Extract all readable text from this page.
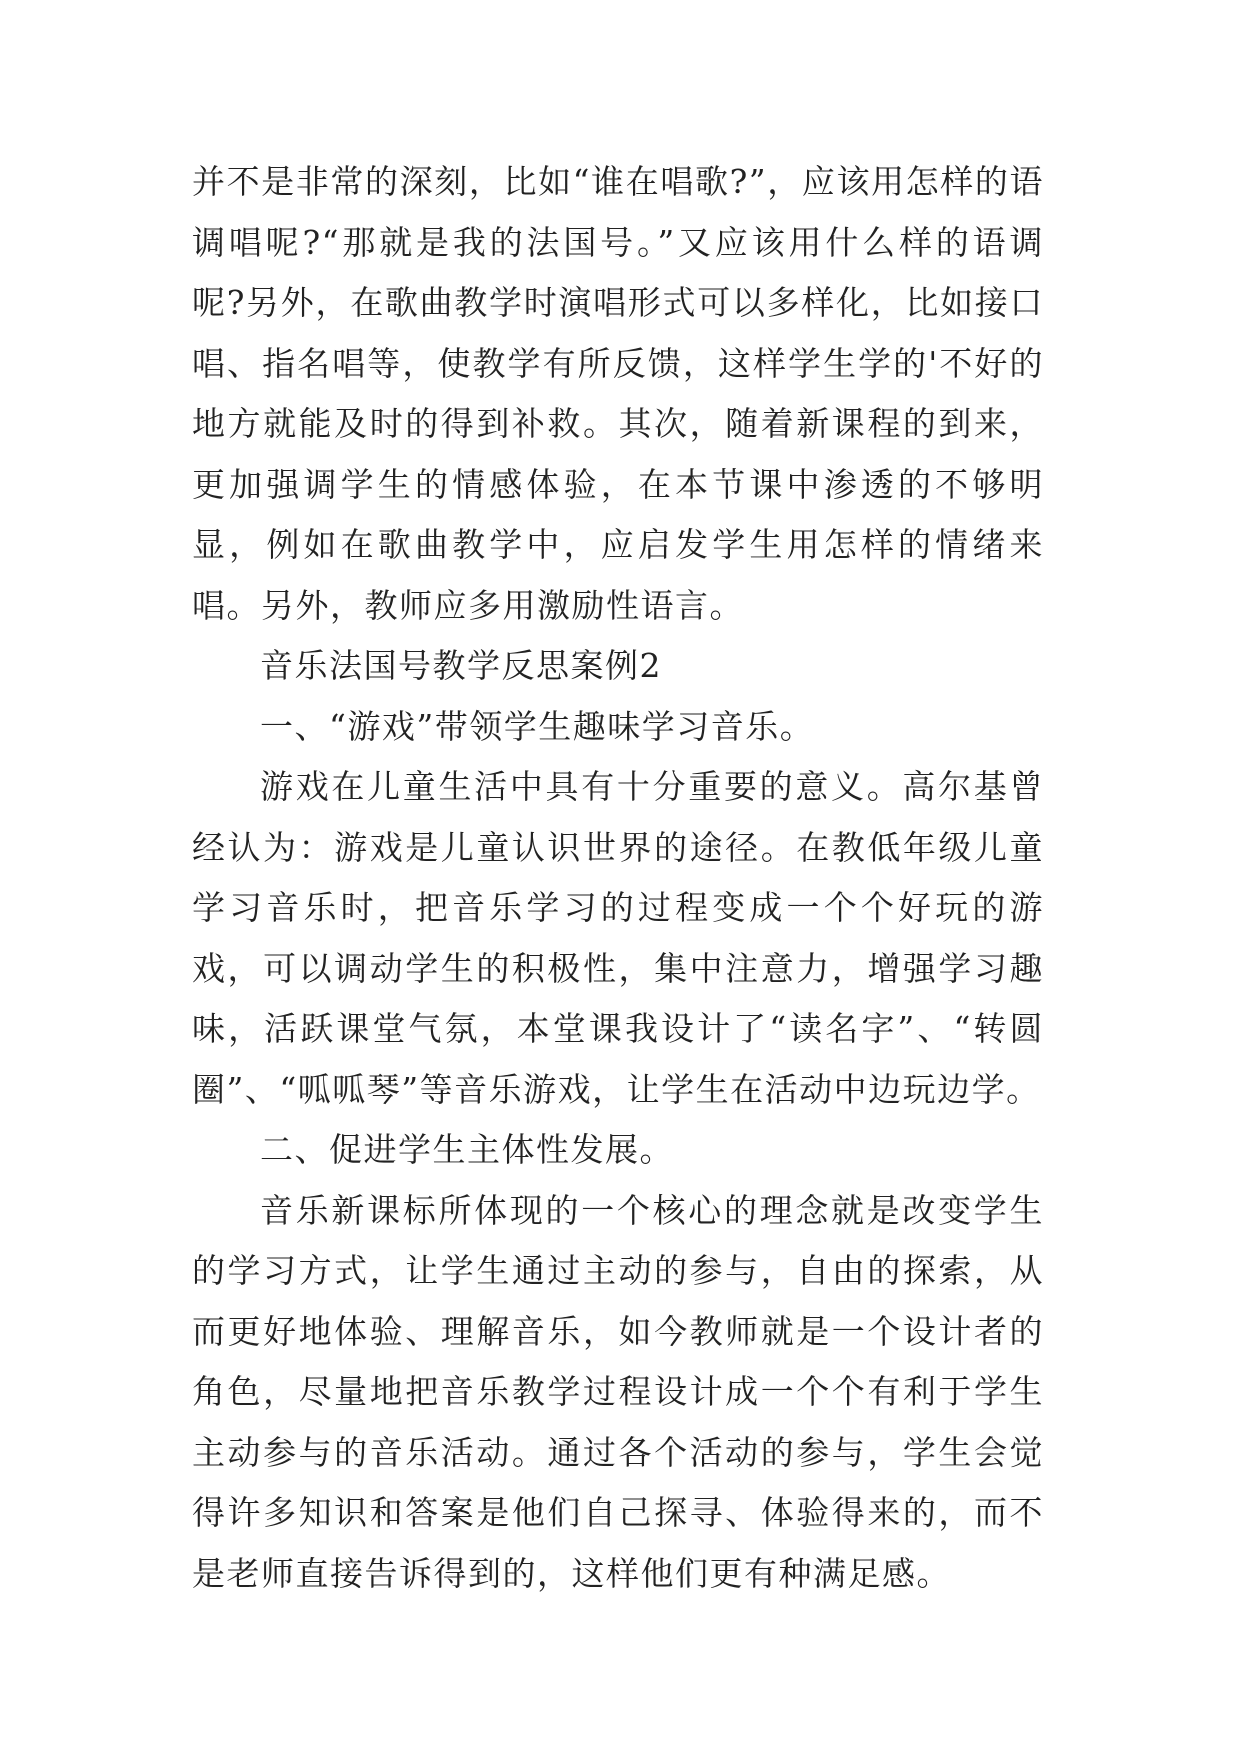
并不是非常的深刻，比如“谁在唱歌?”，应该用怎样的语调唱呢?“那就是我的法国号。”又应该用什么样的语调呢?另外，在歌曲教学时演唱形式可以多样化，比如接口唱、指名唱等，使教学有所反馈，这样学生学的'不好的地方就能及时的得到补救。其次，随着新课程的到来，更加强调学生的情感体验，在本节课中渗透的不够明显，例如在歌曲教学中，应启发学生用怎样的情绪来唱。另外，教师应多用激励性语言。

音乐法国号教学反思案例2

一、“游戏”带领学生趣味学习音乐。

游戏在儿童生活中具有十分重要的意义。高尔基曾经认为：游戏是儿童认识世界的途径。在教低年级儿童学习音乐时，把音乐学习的过程变成一个个好玩的游戏，可以调动学生的积极性，集中注意力，增强学习趣味，活跃课堂气氛，本堂课我设计了“读名字”、“转圆圈”、“呱呱琴”等音乐游戏，让学生在活动中边玩边学。

二、促进学生主体性发展。

音乐新课标所体现的一个核心的理念就是改变学生的学习方式，让学生通过主动的参与，自由的探索，从而更好地体验、理解音乐，如今教师就是一个设计者的角色，尽量地把音乐教学过程设计成一个个有利于学生主动参与的音乐活动。通过各个活动的参与，学生会觉得许多知识和答案是他们自己探寻、体验得来的，而不是老师直接告诉得到的，这样他们更有种满足感。
